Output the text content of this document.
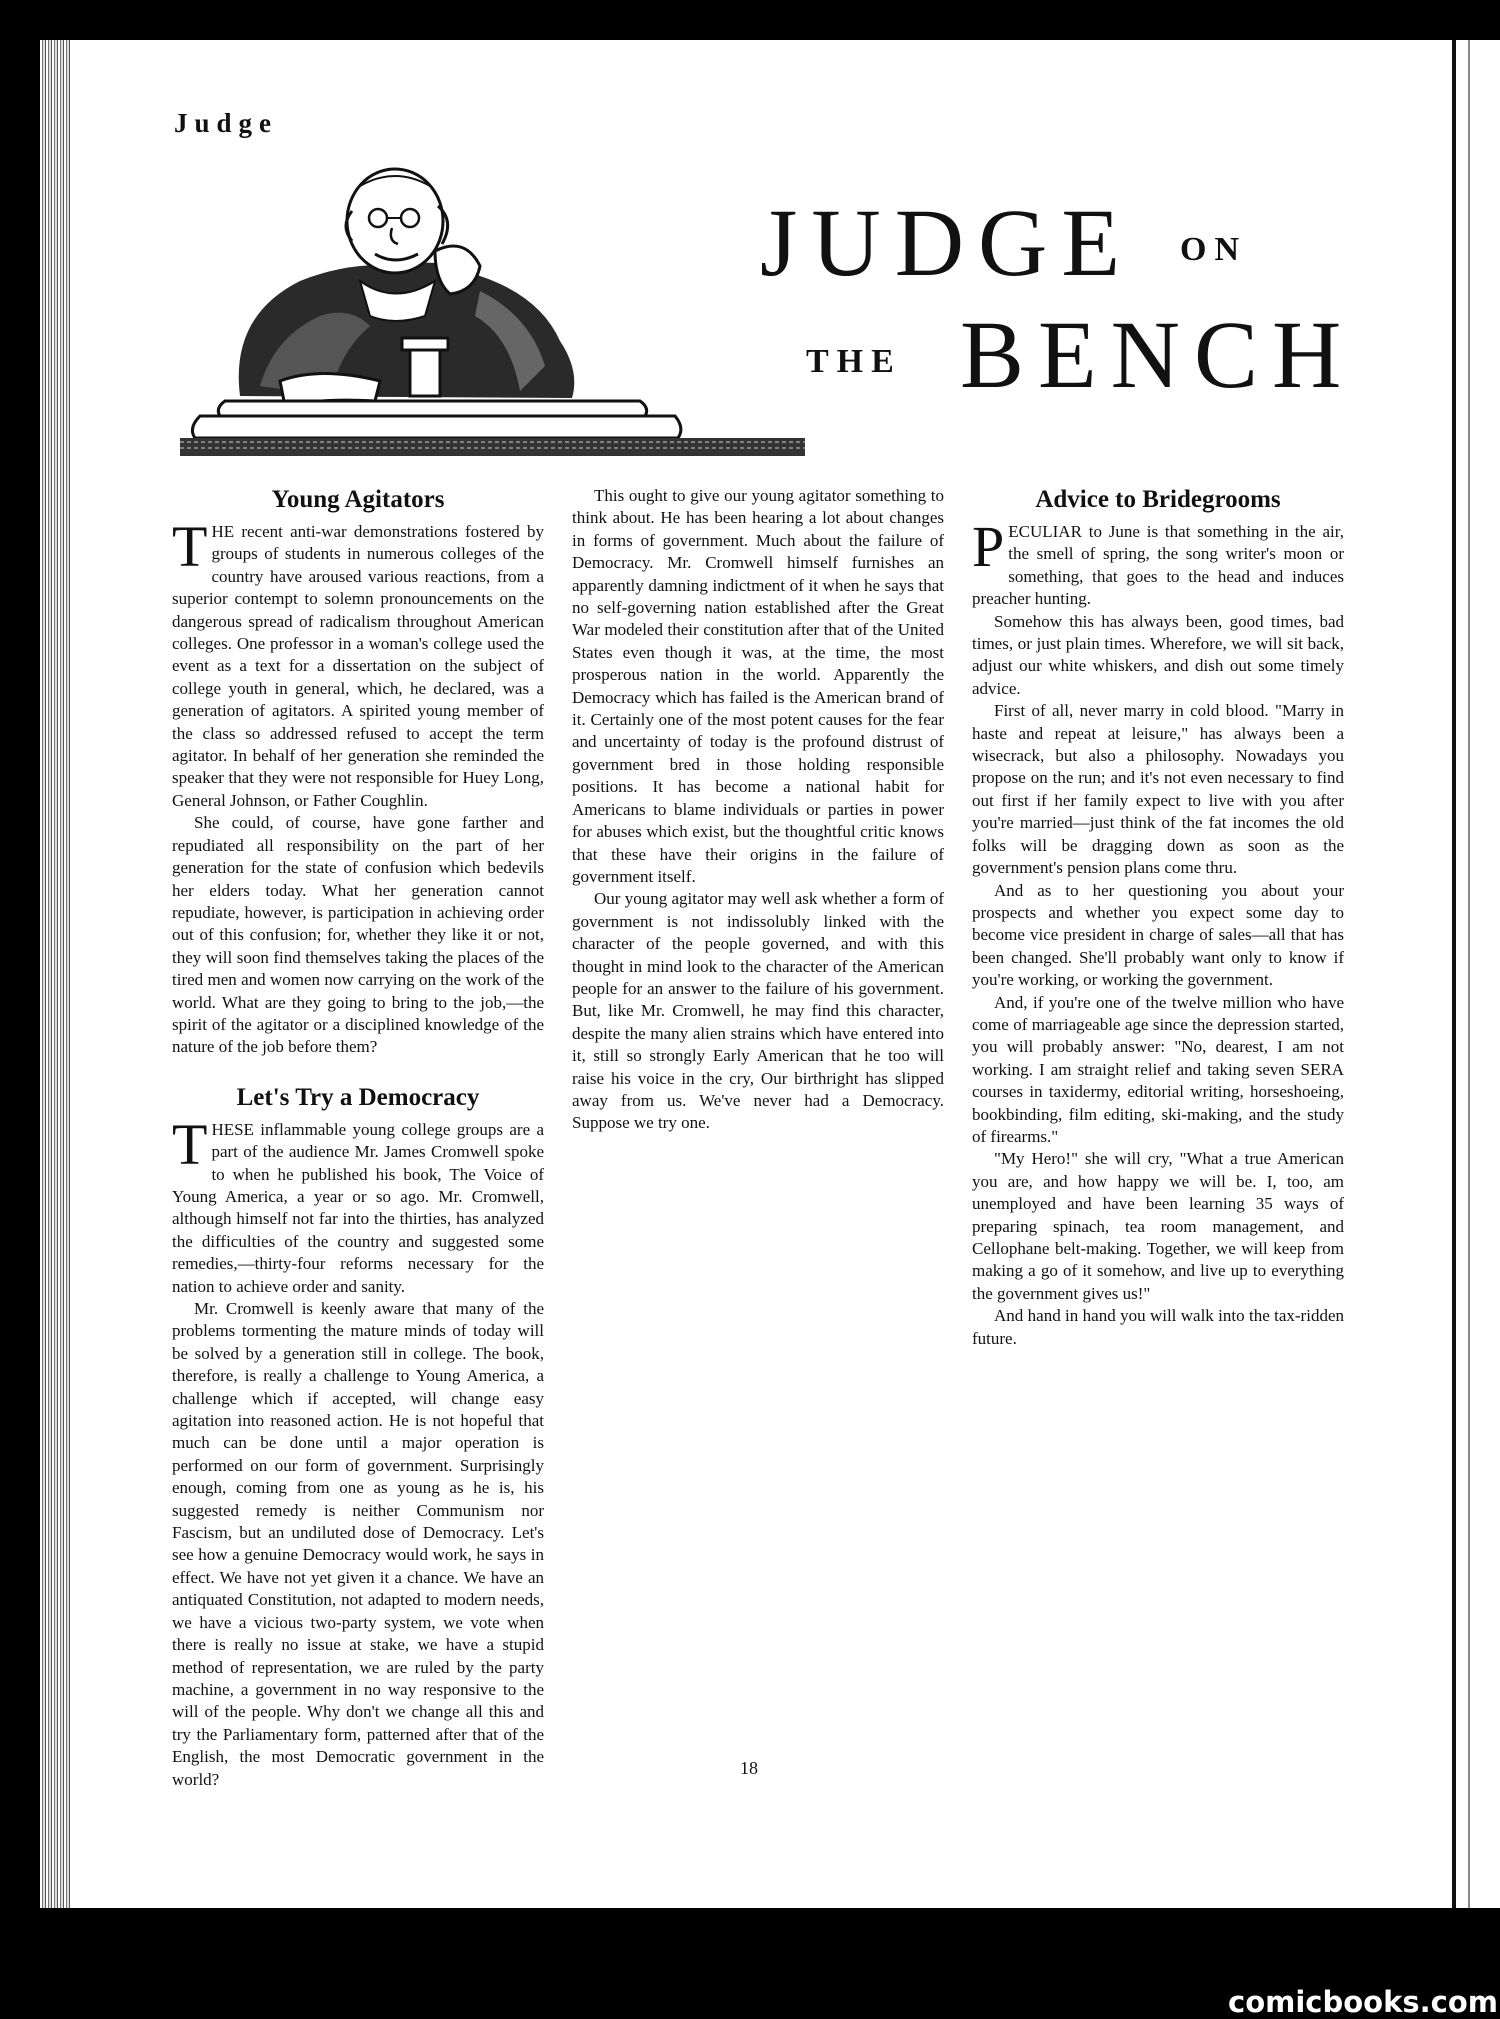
Judge
JUDGE ON
THE BENCH
Young Agitators

THE recent anti-war demonstrations fostered by groups of students in numerous colleges of the country have aroused various reactions, from a superior contempt to solemn pronouncements on the dangerous spread of radicalism throughout American colleges. One professor in a woman's college used the event as a text for a dissertation on the subject of college youth in general, which, he declared, was a generation of agitators. A spirited young member of the class so addressed refused to accept the term agitator. In behalf of her generation she reminded the speaker that they were not responsible for Huey Long, General Johnson, or Father Coughlin.

She could, of course, have gone farther and repudiated all responsibility on the part of her generation for the state of confusion which bedevils her elders today. What her generation cannot repudiate, however, is participation in achieving order out of this confusion; for, whether they like it or not, they will soon find themselves taking the places of the tired men and women now carrying on the work of the world. What are they going to bring to the job,—the spirit of the agitator or a disciplined knowledge of the nature of the job before them?

Let's Try a Democracy

THESE inflammable young college groups are a part of the audience Mr. James Cromwell spoke to when he published his book, The Voice of Young America, a year or so ago. Mr. Cromwell, although himself not far into the thirties, has analyzed the difficulties of the country and suggested some remedies,—thirty-four reforms necessary for the nation to achieve order and sanity.

Mr. Cromwell is keenly aware that many of the problems tormenting the mature minds of today will be solved by a generation still in college. The book, therefore, is really a challenge to Young America, a challenge which if accepted, will change easy agitation into reasoned action. He is not hopeful that much can be done until a major operation is performed on our form of government. Surprisingly enough, coming from one as young as he is, his suggested remedy is neither Communism nor Fascism, but an undiluted dose of Democracy. Let's see how a genuine Democracy would work, he says in effect. We have not yet given it a chance. We have an antiquated Constitution, not adapted to modern needs, we have a vicious two-party system, we vote when there is really no issue at stake, we have a stupid method of representation, we are ruled by the party machine, a government in no way responsive to the will of the people. Why don't we change all this and try the Parliamentary form, patterned after that of the English, the most Democratic government in the world?

This ought to give our young agitator something to think about. He has been hearing a lot about changes in forms of government. Much about the failure of Democracy. Mr. Cromwell himself furnishes an apparently damning indictment of it when he says that no self-governing nation established after the Great War modeled their constitution after that of the United States even though it was, at the time, the most prosperous nation in the world. Apparently the Democracy which has failed is the American brand of it. Certainly one of the most potent causes for the fear and uncertainty of today is the profound distrust of government bred in those holding responsible positions. It has become a national habit for Americans to blame individuals or parties in power for abuses which exist, but the thoughtful critic knows that these have their origins in the failure of government itself.

Our young agitator may well ask whether a form of government is not indissolubly linked with the character of the people governed, and with this thought in mind look to the character of the American people for an answer to the failure of his government. But, like Mr. Cromwell, he may find this character, despite the many alien strains which have entered into it, still so strongly Early American that he too will raise his voice in the cry, Our birthright has slipped away from us. We've never had a Democracy. Suppose we try one.

Advice to Bridegrooms

PECULIAR to June is that something in the air, the smell of spring, the song writer's moon or something, that goes to the head and induces preacher hunting.

Somehow this has always been, good times, bad times, or just plain times. Wherefore, we will sit back, adjust our white whiskers, and dish out some timely advice.

First of all, never marry in cold blood. "Marry in haste and repeat at leisure," has always been a wisecrack, but also a philosophy. Nowadays you propose on the run; and it's not even necessary to find out first if her family expect to live with you after you're married—just think of the fat incomes the old folks will be dragging down as soon as the government's pension plans come thru.

And as to her questioning you about your prospects and whether you expect some day to become vice president in charge of sales—all that has been changed. She'll probably want only to know if you're working, or working the government.

And, if you're one of the twelve million who have come of marriageable age since the depression started, you will probably answer: "No, dearest, I am not working. I am straight relief and taking seven SERA courses in taxidermy, editorial writing, horseshoeing, bookbinding, film editing, ski-making, and the study of firearms."

"My Hero!" she will cry, "What a true American you are, and how happy we will be. I, too, am unemployed and have been learning 35 ways of preparing spinach, tea room management, and Cellophane belt-making. Together, we will keep from making a go of it somehow, and live up to everything the government gives us!"

And hand in hand you will walk into the tax-ridden future.

18
comicbooks.com
